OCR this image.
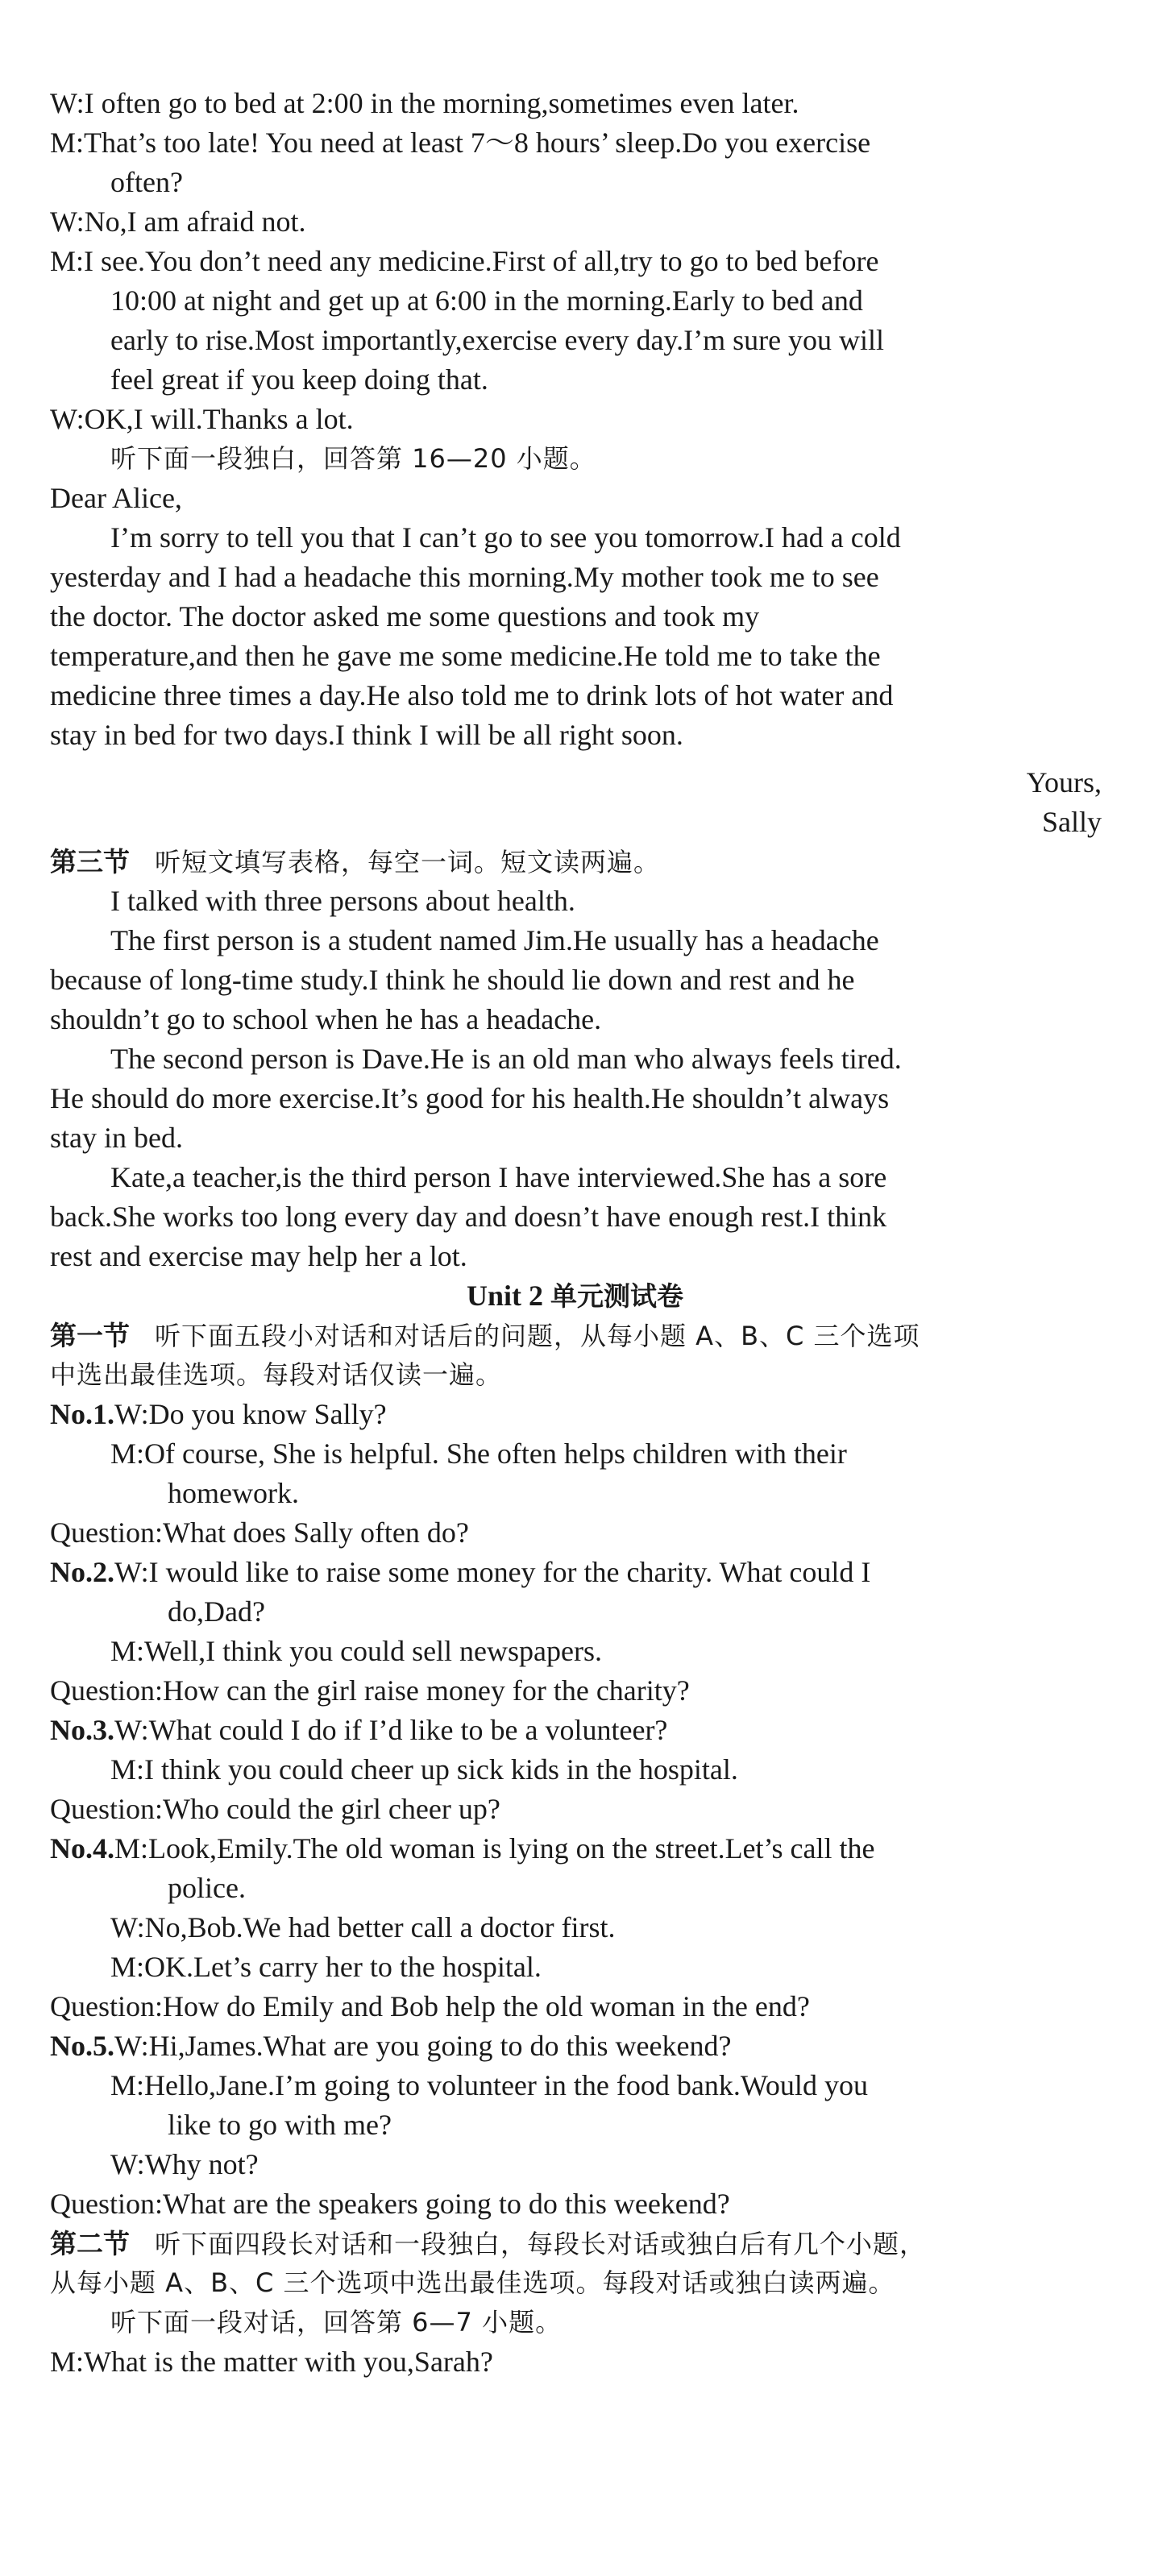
W:I often go to bed at 2:00 in the morning,sometimes even later.
M:That’s too late! You need at least 7～8 hours’ sleep.Do you exercise
often?
W:No,I am afraid not.
M:I see.You don’t need any medicine.First of all,try to go to bed before
10:00 at night and get up at 6:00 in the morning.Early to bed and
early to rise.Most importantly,exercise every day.I’m sure you will
feel great if you keep doing that.
W:OK,I will.Thanks a lot.
听下面一段独白，回答第 16—20 小题。
Dear Alice,
I’m sorry to tell you that I can’t go to see you tomorrow.I had a cold
yesterday and I had a headache this morning.My mother took me to see
the doctor. The doctor asked me some questions and took my
temperature,and then he gave me some medicine.He told me to take the
medicine three times a day.He also told me to drink lots of hot water and
stay in bed for two days.I think I will be all right soon.
Yours,
Sally
第三节 听短文填写表格，每空一词。短文读两遍。
I talked with three persons about health.
The first person is a student named Jim.He usually has a headache
because of long-time study.I think he should lie down and rest and he
shouldn’t go to school when he has a headache.
The second person is Dave.He is an old man who always feels tired.
He should do more exercise.It’s good for his health.He shouldn’t always
stay in bed.
Kate,a teacher,is the third person I have interviewed.She has a sore
back.She works too long every day and doesn’t have enough rest.I think
rest and exercise may help her a lot.
Unit 2 单元测试卷
第一节 听下面五段小对话和对话后的问题，从每小题 A、B、C 三个选项
中选出最佳选项。每段对话仅读一遍。
No.1.W:Do you know Sally?
M:Of course, She is helpful. She often helps children with their
homework.
Question:What does Sally often do?
No.2.W:I would like to raise some money for the charity. What could I
do,Dad?
M:Well,I think you could sell newspapers.
Question:How can the girl raise money for the charity?
No.3.W:What could I do if I’d like to be a volunteer?
M:I think you could cheer up sick kids in the hospital.
Question:Who could the girl cheer up?
No.4.M:Look,Emily.The old woman is lying on the street.Let’s call the
police.
W:No,Bob.We had better call a doctor first.
M:OK.Let’s carry her to the hospital.
Question:How do Emily and Bob help the old woman in the end?
No.5.W:Hi,James.What are you going to do this weekend?
M:Hello,Jane.I’m going to volunteer in the food bank.Would you
like to go with me?
W:Why not?
Question:What are the speakers going to do this weekend?
第二节 听下面四段长对话和一段独白，每段长对话或独白后有几个小题，
从每小题 A、B、C 三个选项中选出最佳选项。每段对话或独白读两遍。
听下面一段对话，回答第 6—7 小题。
M:What is the matter with you,Sarah?
